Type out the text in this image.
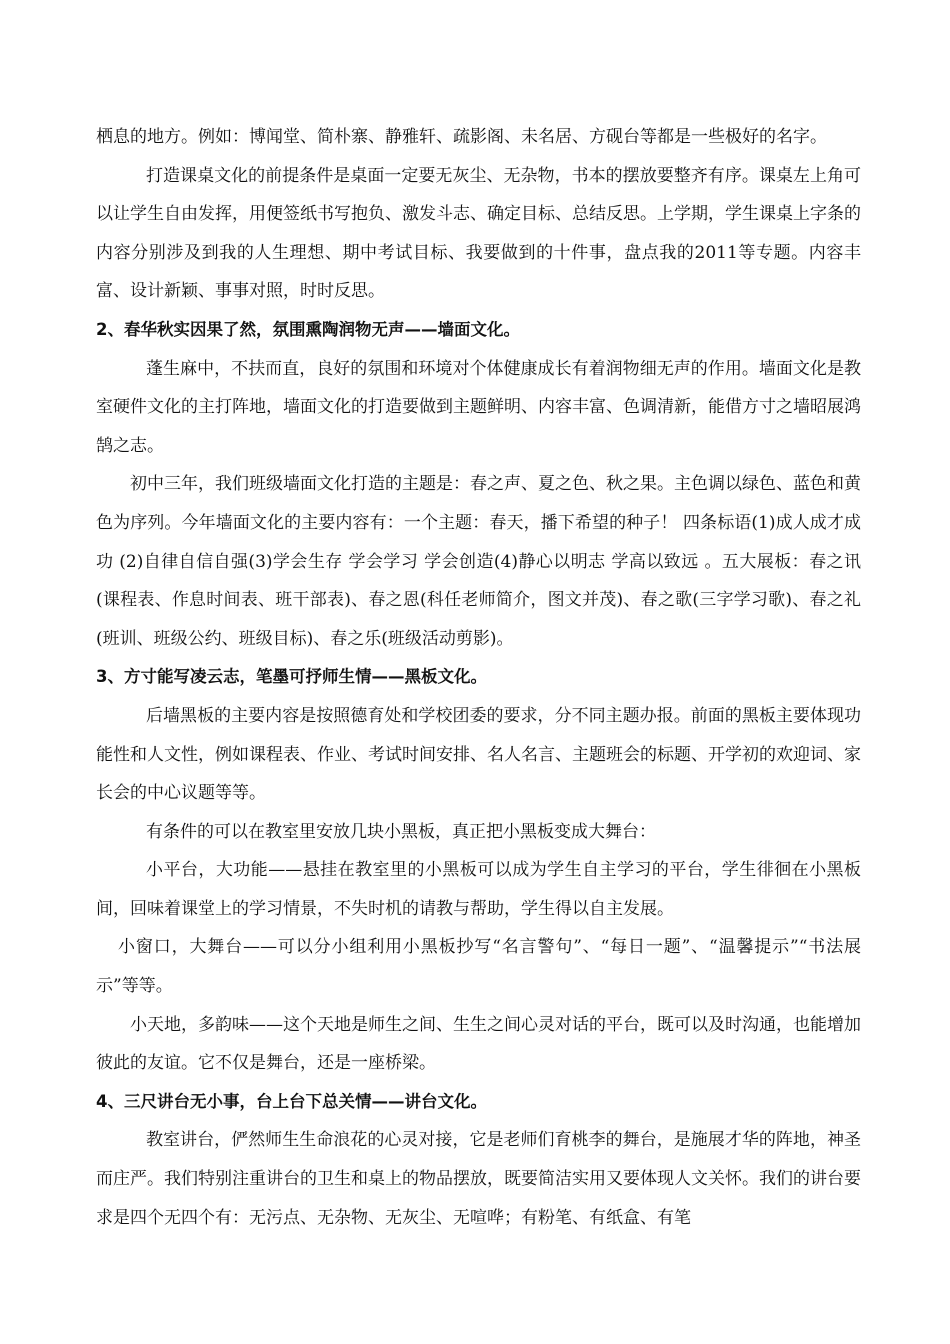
栖息的地方。例如：博闻堂、简朴寨、静雅轩、疏影阁、未名居、方砚台等都是一些极好的名字。

打造课桌文化的前提条件是桌面一定要无灰尘、无杂物，书本的摆放要整齐有序。课桌左上角可以让学生自由发挥，用便签纸书写抱负、激发斗志、确定目标、总结反思。上学期，学生课桌上字条的内容分别涉及到我的人生理想、期中考试目标、我要做到的十件事，盘点我的2011等专题。内容丰富、设计新颖、事事对照，时时反思。

2、春华秋实因果了然，氛围熏陶润物无声——墙面文化。

蓬生麻中，不扶而直，良好的氛围和环境对个体健康成长有着润物细无声的作用。墙面文化是教室硬件文化的主打阵地，墙面文化的打造要做到主题鲜明、内容丰富、色调清新，能借方寸之墙昭展鸿鹄之志。

初中三年，我们班级墙面文化打造的主题是：春之声、夏之色、秋之果。主色调以绿色、蓝色和黄色为序列。今年墙面文化的主要内容有：一个主题：春天，播下希望的种子！ 四条标语(1)成人成才成功 (2)自律自信自强(3)学会生存 学会学习 学会创造(4)静心以明志 学高以致远 。五大展板：春之讯(课程表、作息时间表、班干部表)、春之恩(科任老师简介，图文并茂)、春之歌(三字学习歌)、春之礼(班训、班级公约、班级目标)、春之乐(班级活动剪影)。

3、方寸能写凌云志，笔墨可抒师生情——黑板文化。

后墙黑板的主要内容是按照德育处和学校团委的要求，分不同主题办报。前面的黑板主要体现功能性和人文性，例如课程表、作业、考试时间安排、名人名言、主题班会的标题、开学初的欢迎词、家长会的中心议题等等。

有条件的可以在教室里安放几块小黑板，真正把小黑板变成大舞台：

小平台，大功能——悬挂在教室里的小黑板可以成为学生自主学习的平台，学生徘徊在小黑板间，回味着课堂上的学习情景，不失时机的请教与帮助，学生得以自主发展。

小窗口，大舞台——可以分小组利用小黑板抄写“名言警句”、“每日一题”、“温馨提示”“书法展示”等等。

小天地，多韵味——这个天地是师生之间、生生之间心灵对话的平台，既可以及时沟通，也能增加彼此的友谊。它不仅是舞台，还是一座桥梁。

4、三尺讲台无小事，台上台下总关情——讲台文化。

教室讲台，俨然师生生命浪花的心灵对接，它是老师们育桃李的舞台，是施展才华的阵地，神圣而庄严。我们特别注重讲台的卫生和桌上的物品摆放，既要简洁实用又要体现人文关怀。我们的讲台要求是四个无四个有：无污点、无杂物、无灰尘、无喧哗；有粉笔、有纸盒、有笔
